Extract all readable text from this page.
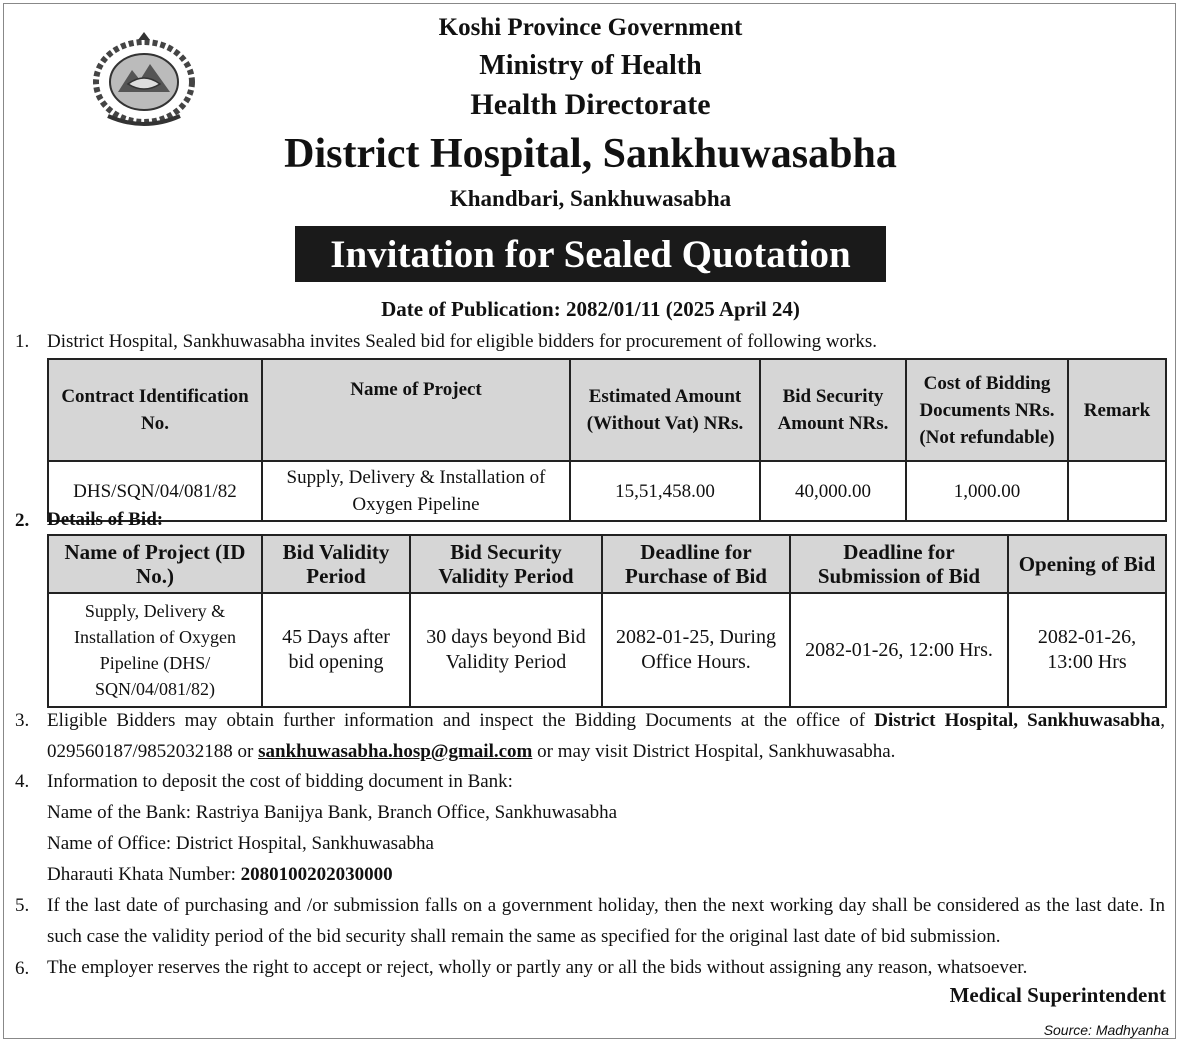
Koshi Province Government
Ministry of Health
Health Directorate
District Hospital, Sankhuwasabha
Khandbari, Sankhuwasabha
Invitation for Sealed Quotation
Date of Publication: 2082/01/11 (2025 April 24)
1. District Hospital, Sankhuwasabha invites Sealed bid for eligible bidders for procurement of following works.
Contract Identification No.	Name of Project	Estimated Amount (Without Vat) NRs.	Bid Security Amount NRs.	Cost of Bidding Documents NRs. (Not refundable)	Remark
DHS/SQN/04/081/82	Supply, Delivery & Installation of Oxygen Pipeline	15,51,458.00	40,000.00	1,000.00	
2. Details of Bid:
Name of Project (ID No.)	Bid Validity Period	Bid Security Validity Period	Deadline for Purchase of Bid	Deadline for Submission of Bid	Opening of Bid
Supply, Delivery & Installation of Oxygen Pipeline (DHS/ SQN/04/081/82)	45 Days after bid opening	30 days beyond Bid Validity Period	2082-01-25, During Office Hours.	2082-01-26, 12:00 Hrs.	2082-01-26, 13:00 Hrs
3. Eligible Bidders may obtain further information and inspect the Bidding Documents at the office of District Hospital, Sankhuwasabha, 029560187/9852032188 or sankhuwasabha.hosp@gmail.com or may visit District Hospital, Sankhuwasabha.
4. Information to deposit the cost of bidding document in Bank:
Name of the Bank: Rastriya Banijya Bank, Branch Office, Sankhuwasabha
Name of Office: District Hospital, Sankhuwasabha
Dharauti Khata Number: 2080100202030000
5. If the last date of purchasing and /or submission falls on a government holiday, then the next working day shall be considered as the last date. In such case the validity period of the bid security shall remain the same as specified for the original last date of bid submission.
6. The employer reserves the right to accept or reject, wholly or partly any or all the bids without assigning any reason, whatsoever.
Medical Superintendent
Source: Madhyanha
